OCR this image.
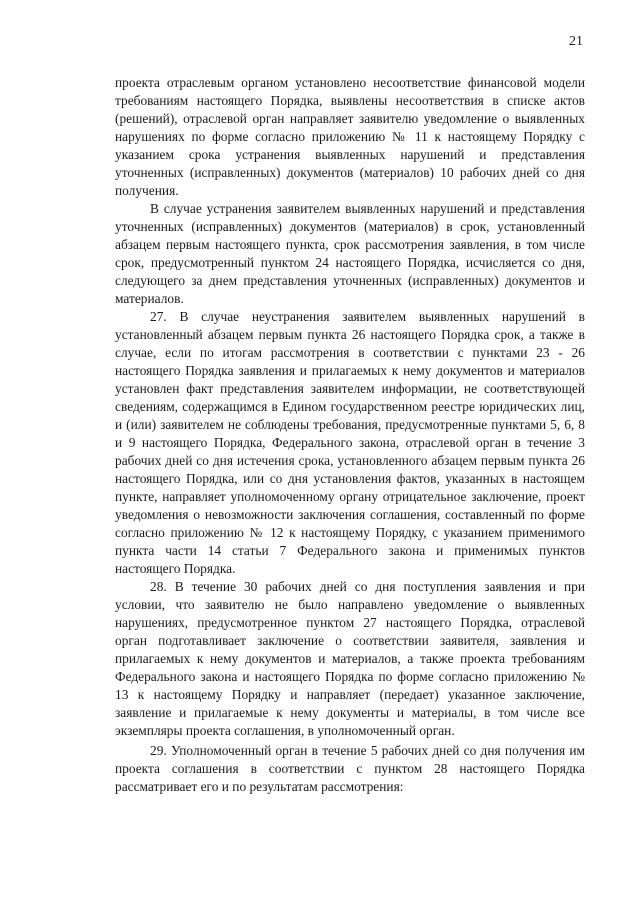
21

проекта отраслевым органом установлено несоответствие финансовой модели требованиям настоящего Порядка, выявлены несоответствия в списке актов (решений), отраслевой орган направляет заявителю уведомление о выявленных нарушениях по форме согласно приложению № 11 к настоящему Порядку с указанием срока устранения выявленных нарушений и представления уточненных (исправленных) документов (материалов) 10 рабочих дней со дня получения.

В случае устранения заявителем выявленных нарушений и представления уточненных (исправленных) документов (материалов) в срок, установленный абзацем первым настоящего пункта, срок рассмотрения заявления, в том числе срок, предусмотренный пунктом 24 настоящего Порядка, исчисляется со дня, следующего за днем представления уточненных (исправленных) документов и материалов.

27. В случае неустранения заявителем выявленных нарушений в установленный абзацем первым пункта 26 настоящего Порядка срок, а также в случае, если по итогам рассмотрения в соответствии с пунктами 23 - 26 настоящего Порядка заявления и прилагаемых к нему документов и материалов установлен факт представления заявителем информации, не соответствующей сведениям, содержащимся в Едином государственном реестре юридических лиц, и (или) заявителем не соблюдены требования, предусмотренные пунктами 5, 6, 8 и 9 настоящего Порядка, Федерального закона, отраслевой орган в течение 3 рабочих дней со дня истечения срока, установленного абзацем первым пункта 26 настоящего Порядка, или со дня установления фактов, указанных в настоящем пункте, направляет уполномоченному органу отрицательное заключение, проект уведомления о невозможности заключения соглашения, составленный по форме согласно приложению № 12 к настоящему Порядку, с указанием применимого пункта части 14 статьи 7 Федерального закона и применимых пунктов настоящего Порядка.

28. В течение 30 рабочих дней со дня поступления заявления и при условии, что заявителю не было направлено уведомление о выявленных нарушениях, предусмотренное пунктом 27 настоящего Порядка, отраслевой орган подготавливает заключение о соответствии заявителя, заявления и прилагаемых к нему документов и материалов, а также проекта требованиям Федерального закона и настоящего Порядка по форме согласно приложению № 13 к настоящему Порядку и направляет (передает) указанное заключение, заявление и прилагаемые к нему документы и материалы, в том числе все экземпляры проекта соглашения, в уполномоченный орган.

29. Уполномоченный орган в течение 5 рабочих дней со дня получения им проекта соглашения в соответствии с пунктом 28 настоящего Порядка рассматривает его и по результатам рассмотрения:
